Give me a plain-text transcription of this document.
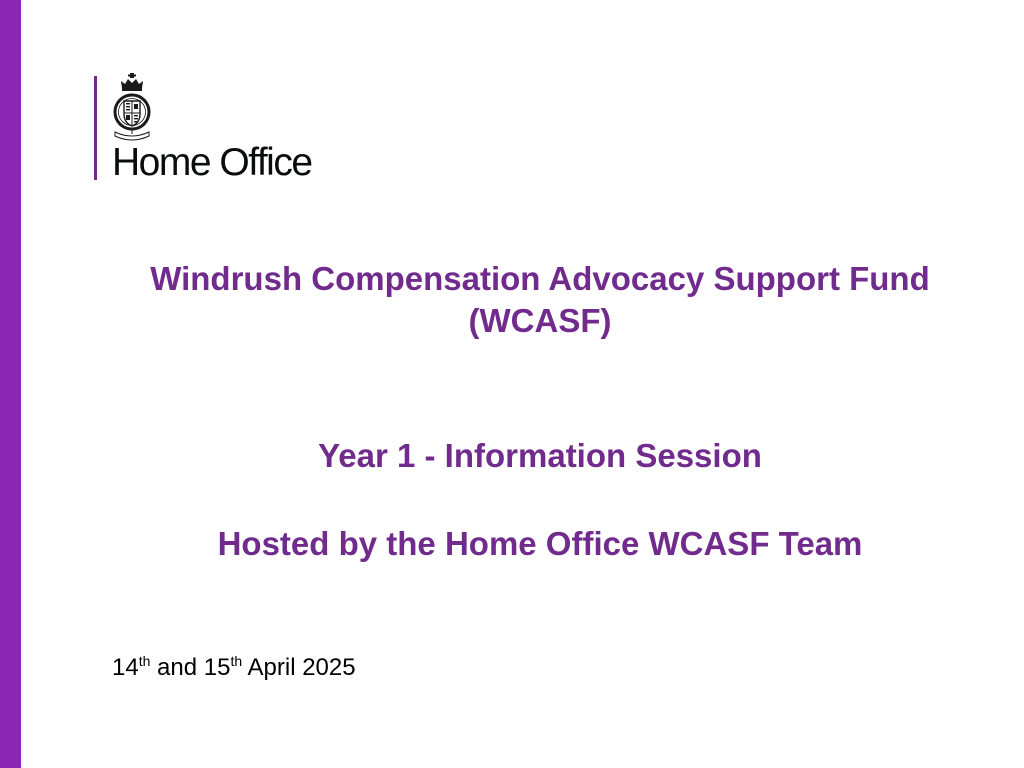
Home Office
Windrush Compensation Advocacy Support Fund
(WCASF)
Year 1 - Information Session
Hosted by the Home Office WCASF Team
14th and 15th April 2025
